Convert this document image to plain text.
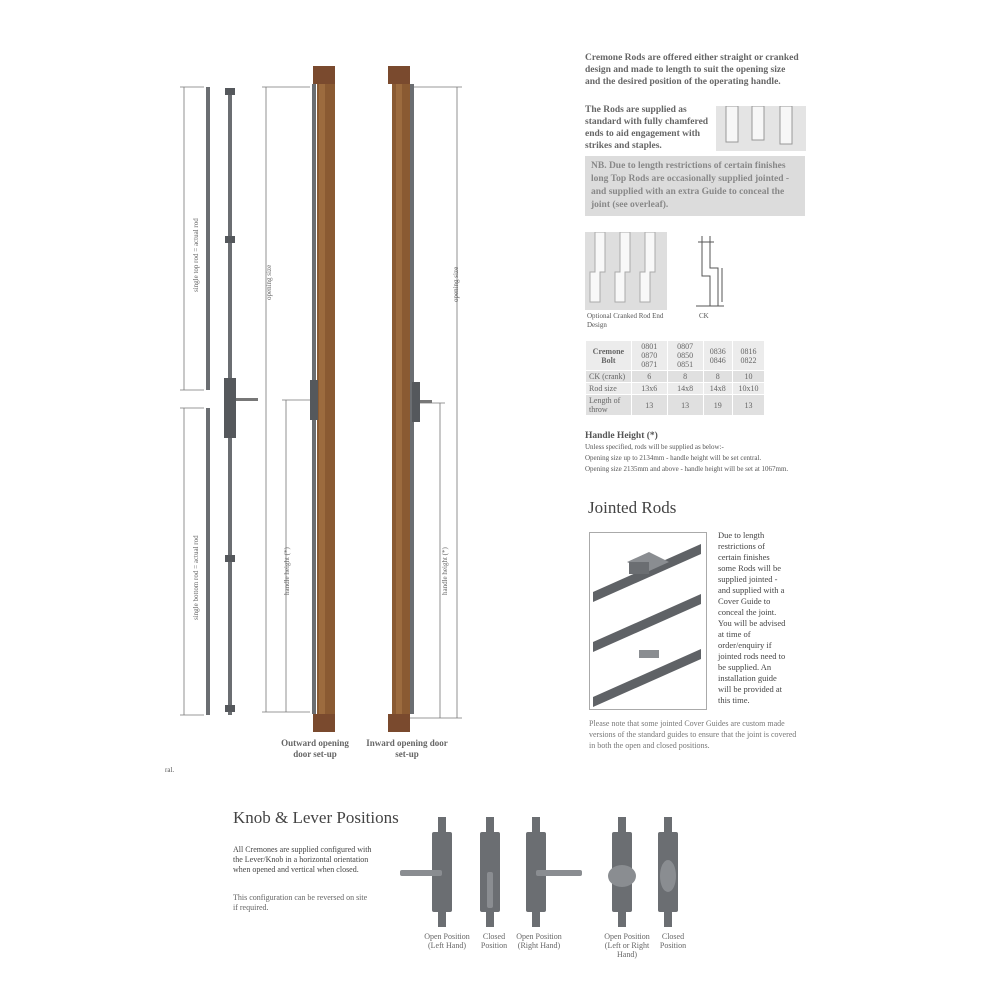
single top rod = actual rod
single bottom rod = actual rod
opening size
handle height (*)
opening size
handle height (*)
Outward opening door set-up
Inward opening door set-up
ral.
Cremone Rods are offered either straight or cranked design and made to length to suit the opening size and the desired position of the operating handle.
The Rods are supplied as standard with fully chamfered ends to aid engagement with strikes and staples.
NB. Due to length restrictions of certain finishes long Top Rods are occasionally supplied jointed - and supplied with an extra Guide to conceal the joint (see overleaf).
Optional Cranked Rod End Design
CK
Cremone Bolt	0801 0870 0871	0807 0850 0851	0836 0846	0816 0822
CK (crank)	6	8	8	10
Rod size	13x6	14x8	14x8	10x10
Length of throw	13	13	19	13
Handle Height (*)
Unless specified, rods will be supplied as below:-
Opening size up to 2134mm - handle height will be set central.
Opening size 2135mm and above - handle height will be set at 1067mm.
Jointed Rods
Due to length restrictions of certain finishes some Rods will be supplied jointed - and supplied with a Cover Guide to conceal the joint. You will be advised at time of order/enquiry if jointed rods need to be supplied. An installation guide will be provided at this time.
Please note that some jointed Cover Guides are custom made versions of the standard guides to ensure that the joint is covered in both the open and closed positions.
Knob & Lever Positions
All Cremones are supplied configured with the Lever/Knob in a horizontal orientation when opened and vertical when closed.
This configuration can be reversed on site if required.
Open Position (Left Hand)
Closed Position
Open Position (Right Hand)
Open Position (Left or Right Hand)
Closed Position
